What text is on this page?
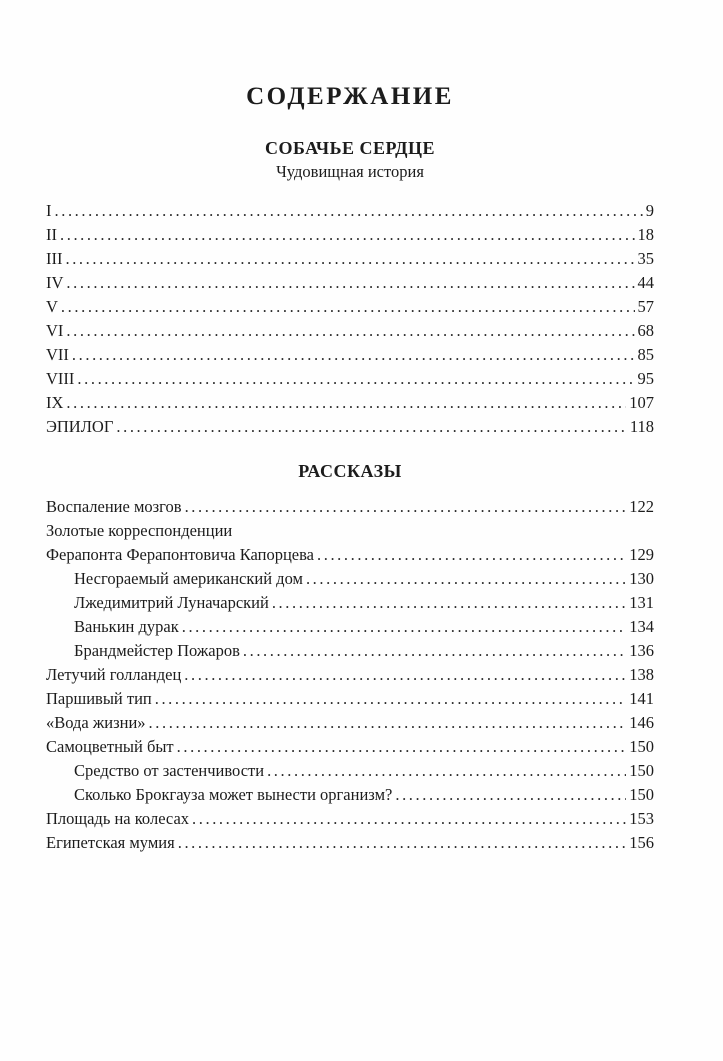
СОДЕРЖАНИЕ
СОБАЧЬЕ СЕРДЦЕ
Чудовищная история
I .....	9
II .....	18
III .....	35
IV .....	44
V .....	57
VI .....	68
VII .....	85
VIII .....	95
IX .....	107
ЭПИЛОГ .....	118
РАССКАЗЫ
Воспаление мозгов .....	122
Золотые корреспонденции
Ферапонта Ферапонтовича Капорцева .....	129
Несгораемый американский дом .....	130
Лжедимитрий Луначарский .....	131
Ванькин дурак .....	134
Брандмейстер Пожаров .....	136
Летучий голландец .....	138
Паршивый тип .....	141
«Вода жизни» .....	146
Самоцветный быт .....	150
Средство от застенчивости .....	150
Сколько Брокгауза может вынести организм? .....	150
Площадь на колесах .....	153
Египетская мумия .....	156
